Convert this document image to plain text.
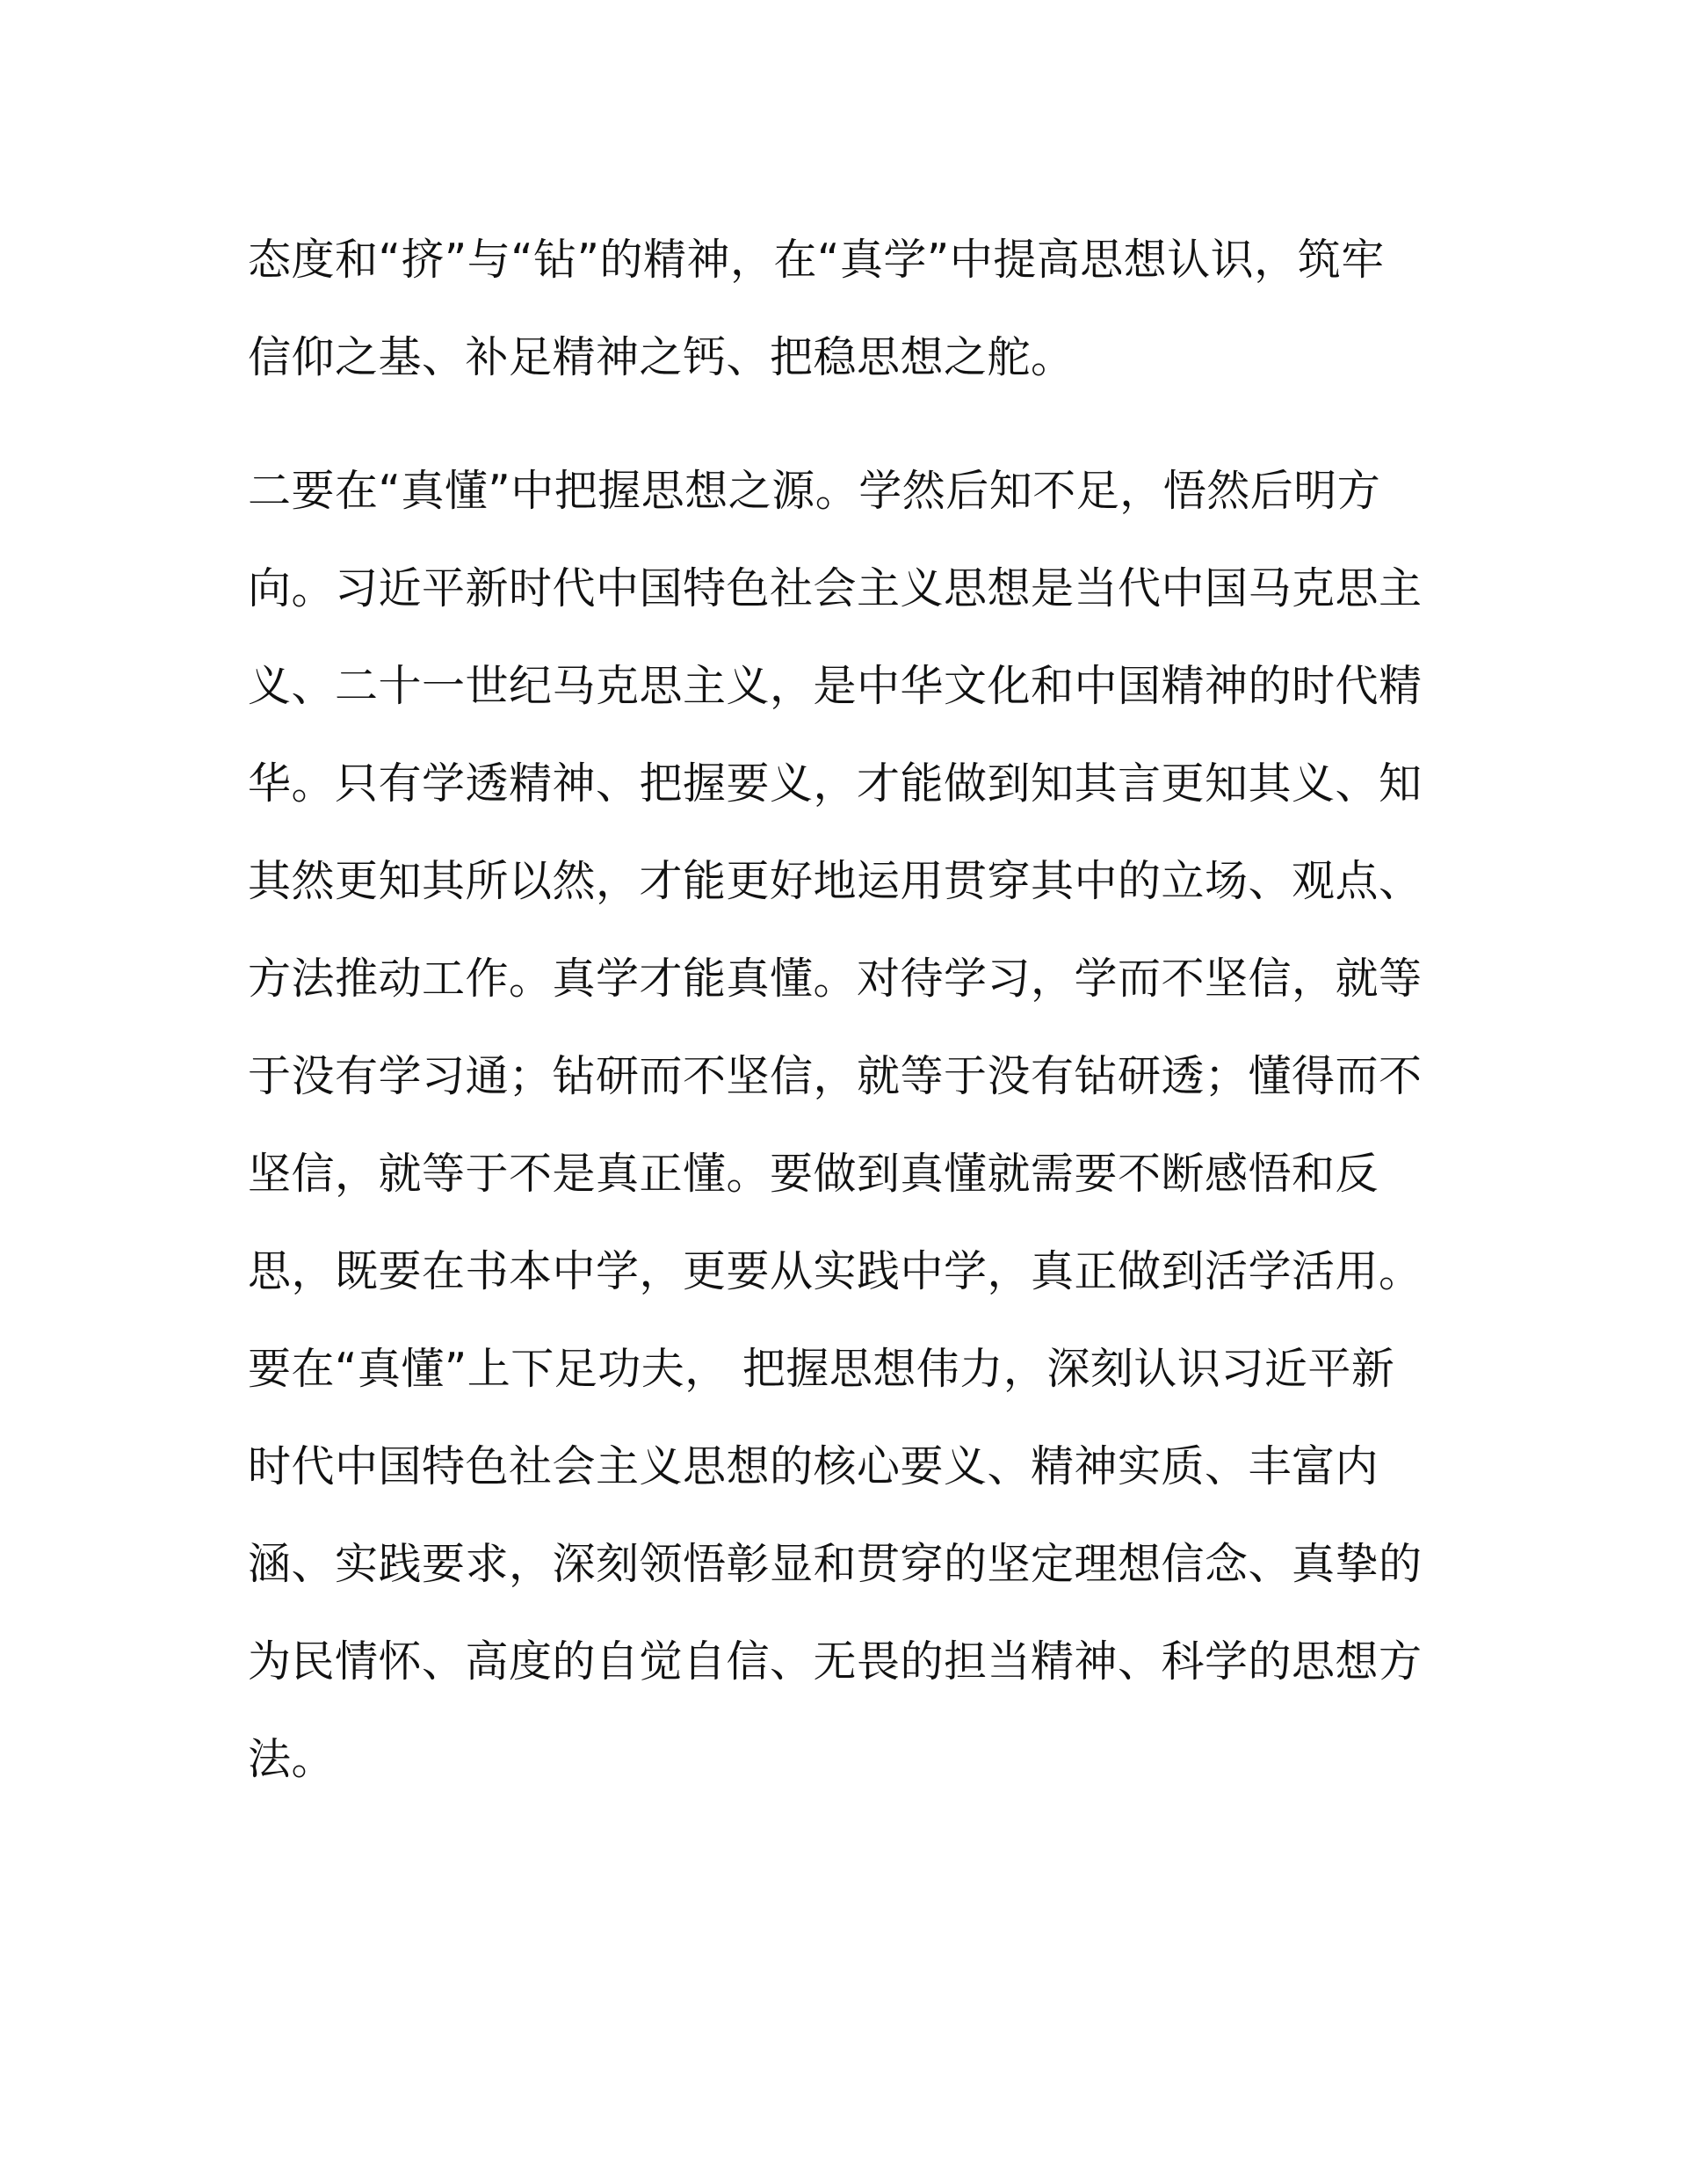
态度和“挤”与“钻”的精神，在“真学”中提高思想认识，筑牢
信仰之基、补足精神之钙、把稳思想之舵。
二要在“真懂”中把握思想之源。学然后知不足，悟然后明方
向。习近平新时代中国特色社会主义思想是当代中国马克思主
义、二十一世纪马克思主义，是中华文化和中国精神的时代精
华。只有学透精神、把握要义，才能做到知其言更知其义、知
其然更知其所以然，才能更好地运用贯穿其中的立场、观点、
方法推动工作。真学才能真懂。对待学习，学而不坚信，就等
于没有学习通；钻研而不坚信，就等于没有钻研透；懂得而不
坚信，就等于不是真正懂。要做到真懂就需要不断感悟和反
思，既要在书本中学，更要从实践中学，真正做到活学活用。
要在“真懂”上下足功夫， 把握思想伟力，深刻认识习近平新
时代中国特色社会主义思想的核心要义、精神实质、丰富内
涵、实践要求，深刻领悟彰显和贯穿的坚定理想信念、真挚的
为民情怀、高度的自觉自信、无畏的担当精神、科学的思想方
法。
